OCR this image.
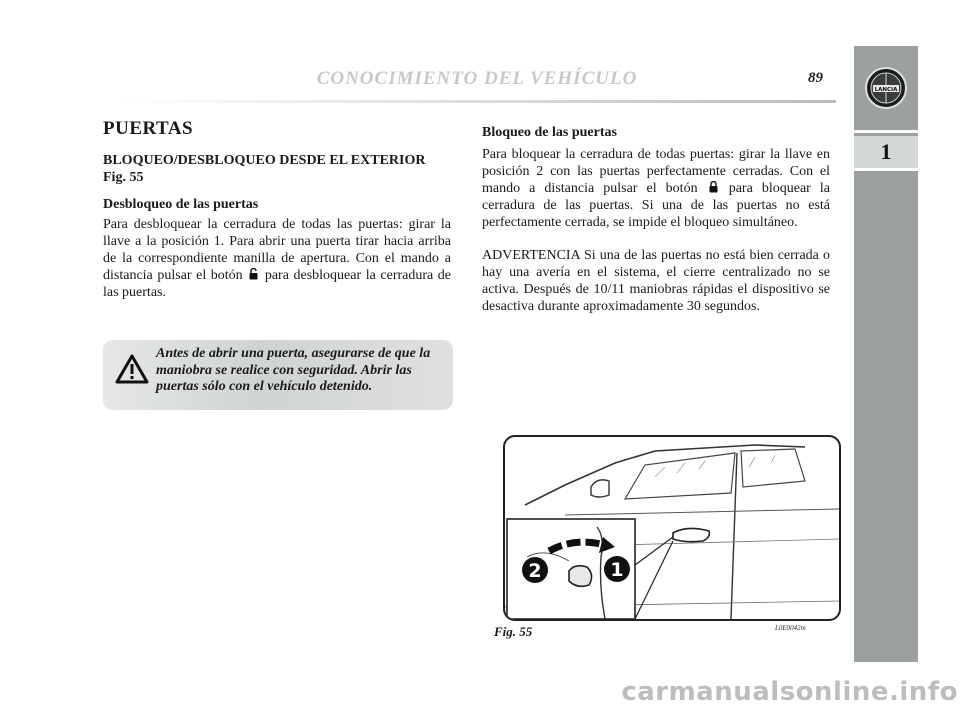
CONOCIMIENTO DEL VEHÍCULO	89
LANCIA
1
PUERTAS
BLOQUEO/DESBLOQUEO DESDE EL EXTERIOR Fig. 55
Desbloqueo de las puertas

Para desbloquear la cerradura de todas las puertas: girar la llave a la posición 1. Para abrir una puerta tirar hacia arriba de la correspondiente manilla de apertura. Con el mando a distancia pulsar el botón para desbloquear la cerradura de las puertas.

Antes de abrir una puerta, asegurarse de que la maniobra se realice con seguridad. Abrir las puertas sólo con el vehículo detenido.
Bloqueo de las puertas

Para bloquear la cerradura de todas puertas: girar la llave en posición 2 con las puertas perfectamente cerradas. Con el mando a distancia pulsar el botón para bloquear la cerradura de las puertas. Si una de las puertas no está perfectamente cerrada, se impide el bloqueo simultáneo.

ADVERTENCIA Si una de las puertas no está bien cerrada o hay una avería en el sistema, el cierre centralizado no se activa. Después de 10/11 maniobras rápidas el dispositivo se desactiva durante aproximadamente 30 segundos.

2	1
Fig. 55	L0E0042m
carmanualsonline.info
